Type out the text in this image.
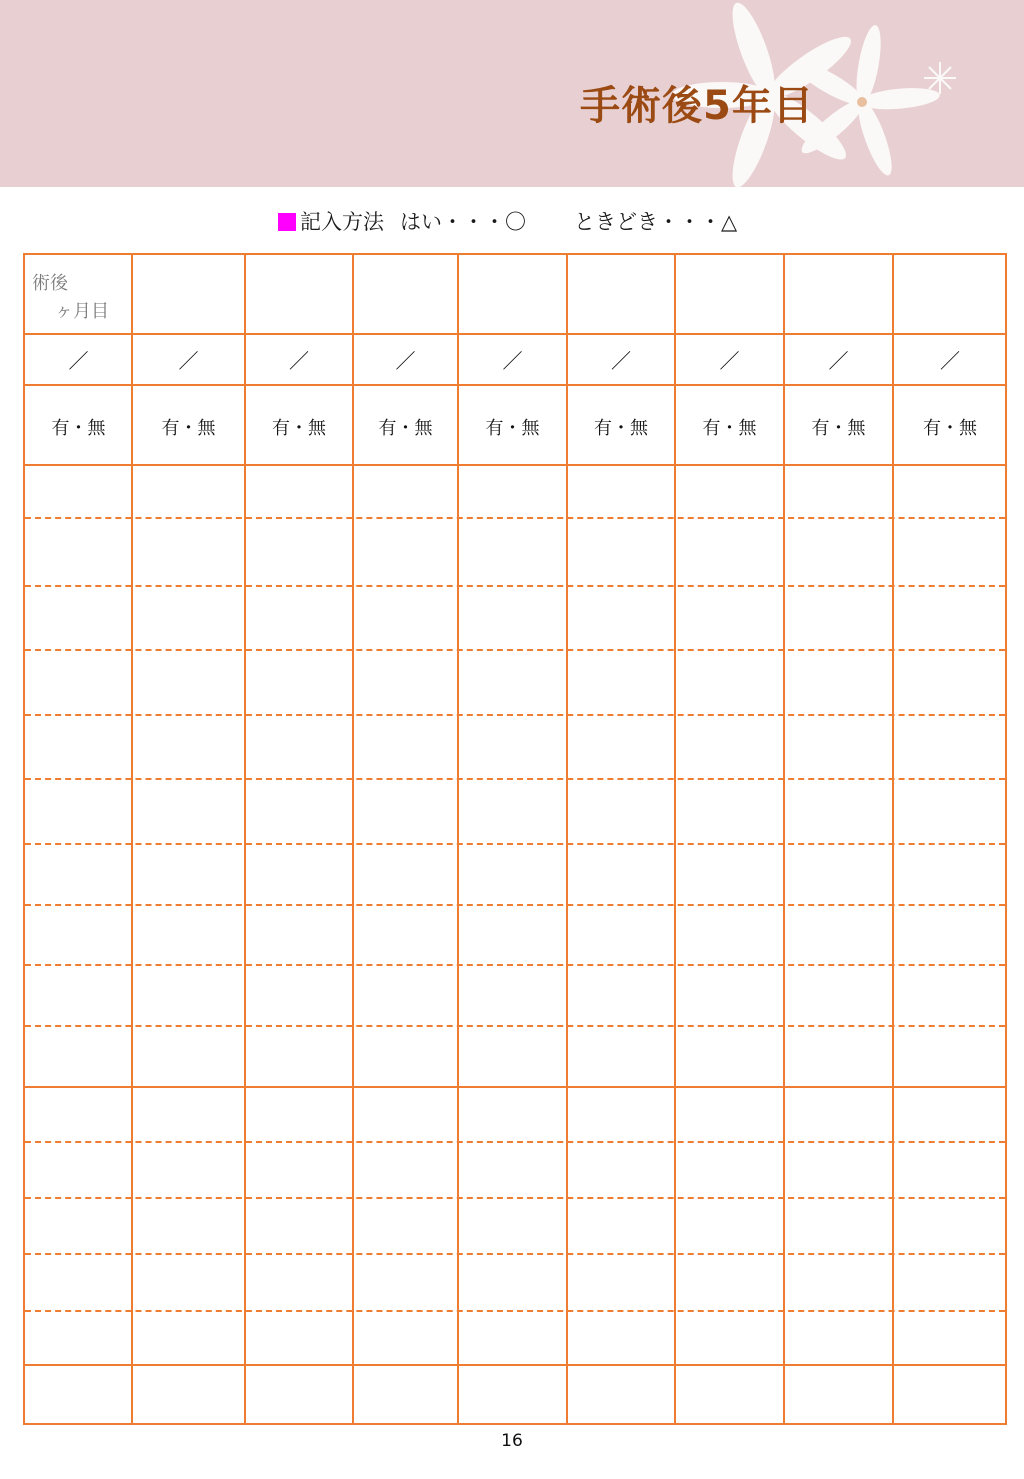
手術後5年目
記入方法 はい・・・〇 ときどき・・・△
術後
ヶ月目
／
有・無
／
有・無
／
有・無
／
有・無
／
有・無
／
有・無
／
有・無
／
有・無
／
有・無
16
